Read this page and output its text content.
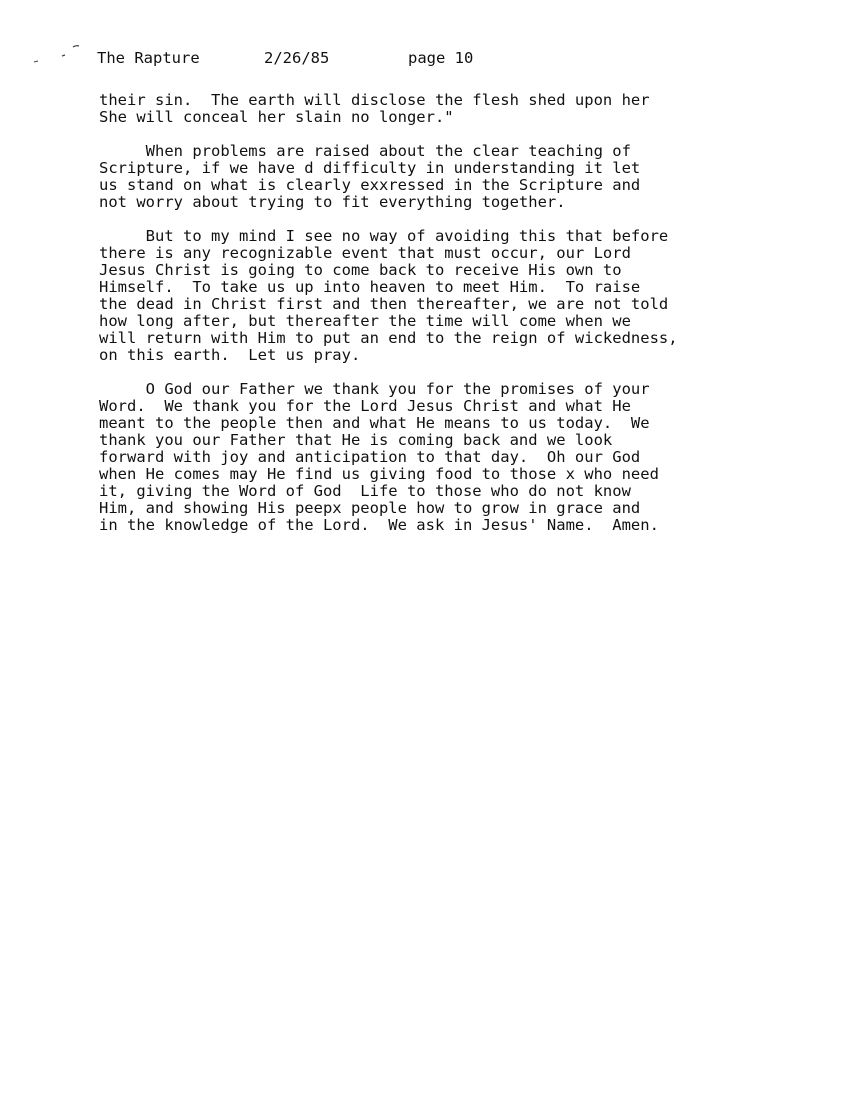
The Rapture

	2/26/85

	page 10

their sin.  The earth will disclose the flesh shed upon her
She will conceal her slain no longer."
When problems are raised about the clear teaching of
Scripture, if we have d difficulty in understanding it let
us stand on what is clearly exxressed in the Scripture and
not worry about trying to fit everything together.
But to my mind I see no way of avoiding this that before
there is any recognizable event that must occur, our Lord
Jesus Christ is going to come back to receive His own to
Himself.  To take us up into heaven to meet Him.  To raise
the dead in Christ first and then thereafter, we are not told
how long after, but thereafter the time will come when we
will return with Him to put an end to the reign of wickedness,
on this earth.  Let us pray.
O God our Father we thank you for the promises of your
Word.  We thank you for the Lord Jesus Christ and what He
meant to the people then and what He means to us today.  We
thank you our Father that He is coming back and we look
forward with joy and anticipation to that day.  Oh our God
when He comes may He find us giving food to those x who need
it, giving the Word of God  Life to those who do not know
Him, and showing His peepx people how to grow in grace and
in the knowledge of the Lord.  We ask in Jesus' Name.  Amen.
